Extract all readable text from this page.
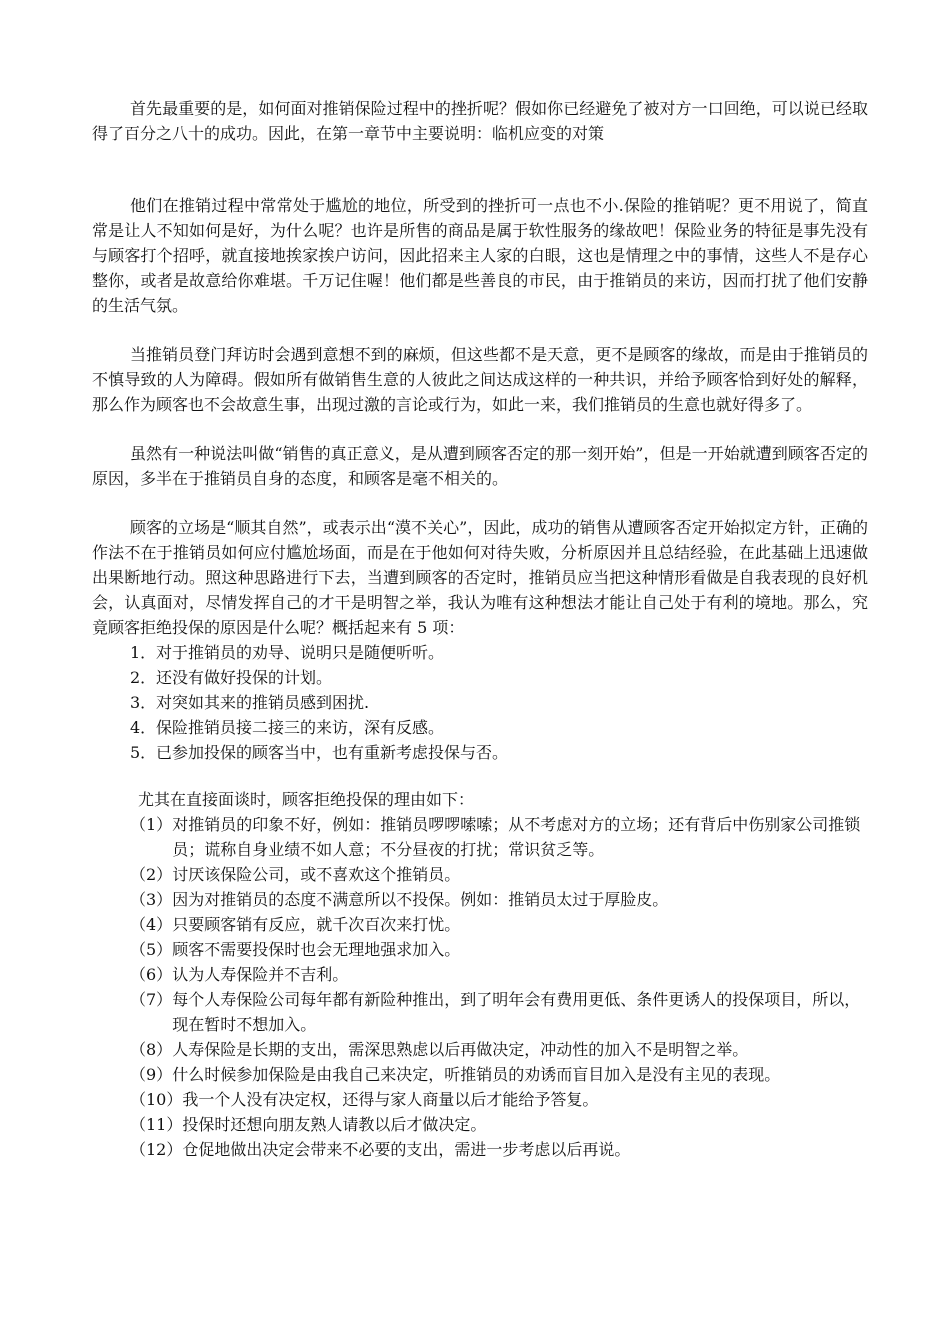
首先最重要的是，如何面对推销保险过程中的挫折呢？假如你已经避免了被对方一口回绝，可以说已经取得了百分之八十的成功。因此，在第一章节中主要说明：临机应变的对策

他们在推销过程中常常处于尴尬的地位，所受到的挫折可一点也不小.保险的推销呢？更不用说了，简直常是让人不知如何是好，为什么呢？也许是所售的商品是属于软性服务的缘故吧！保险业务的特征是事先没有与顾客打个招呼，就直接地挨家挨户访问，因此招来主人家的白眼，这也是情理之中的事情，这些人不是存心整你，或者是故意给你难堪。千万记住喔！他们都是些善良的市民，由于推销员的来访，因而打扰了他们安静的生活气氛。

当推销员登门拜访时会遇到意想不到的麻烦，但这些都不是天意，更不是顾客的缘故，而是由于推销员的不慎导致的人为障碍。假如所有做销售生意的人彼此之间达成这样的一种共识，并给予顾客恰到好处的解释，那么作为顾客也不会故意生事，出现过激的言论或行为，如此一来，我们推销员的生意也就好得多了。

虽然有一种说法叫做“销售的真正意义，是从遭到顾客否定的那一刻开始”，但是一开始就遭到顾客否定的原因，多半在于推销员自身的态度，和顾客是毫不相关的。

顾客的立场是“顺其自然”，或表示出“漠不关心”，因此，成功的销售从遭顾客否定开始拟定方针，正确的作法不在于推销员如何应付尴尬场面，而是在于他如何对待失败，分析原因并且总结经验，在此基础上迅速做出果断地行动。照这种思路进行下去，当遭到顾客的否定时，推销员应当把这种情形看做是自我表现的良好机会，认真面对，尽情发挥自己的才干是明智之举，我认为唯有这种想法才能让自己处于有利的境地。那么，究竟顾客拒绝投保的原因是什么呢？概括起来有 5 项：

1． 对于推销员的劝导、说明只是随便听听。
2． 还没有做好投保的计划。
3． 对突如其来的推销员感到困扰.
4． 保险推销员接二接三的来访，深有反感。
5． 已参加投保的顾客当中，也有重新考虑投保与否。

尤其在直接面谈时，顾客拒绝投保的理由如下：

（1） 对推销员的印象不好，例如：推销员啰啰嗦嗦；从不考虑对方的立场；还有背后中伤别家公司推锁员；谎称自身业绩不如人意；不分昼夜的打扰；常识贫乏等。
（2） 讨厌该保险公司，或不喜欢这个推销员。
（3） 因为对推销员的态度不满意所以不投保。例如：推销员太过于厚脸皮。
（4） 只要顾客销有反应，就千次百次来打忧。
（5） 顾客不需要投保时也会无理地强求加入。
（6） 认为人寿保险并不吉利。
（7） 每个人寿保险公司每年都有新险种推出，到了明年会有费用更低、条件更诱人的投保项目，所以，现在暂时不想加入。
（8） 人寿保险是长期的支出，需深思熟虑以后再做决定，冲动性的加入不是明智之举。
（9） 什么时候参加保险是由我自己来决定，听推销员的劝诱而盲目加入是没有主见的表现。
（10） 我一个人没有决定权，还得与家人商量以后才能给予答复。
（11） 投保时还想向朋友熟人请教以后才做决定。
（12） 仓促地做出决定会带来不必要的支出，需进一步考虑以后再说。
